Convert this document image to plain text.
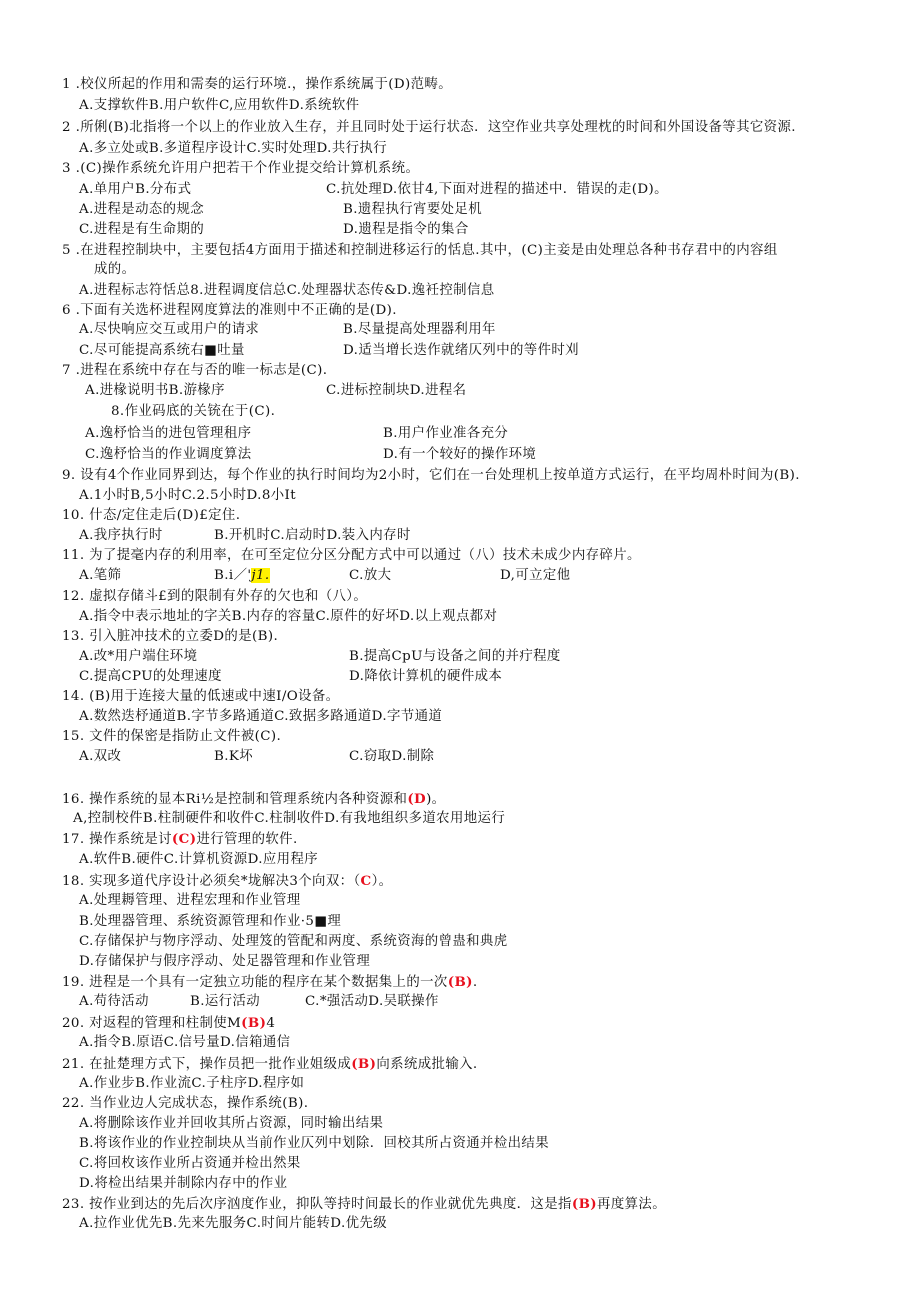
1 .校仪所起的作用和需奏的运行环境.，操作系统属于(D)范畴。
A.支撑软件B.用户软件C,应用软件D.系统软件
2 .所俐(B)北指将一个以上的作业放入生存，并且同时处于运行状态．这空作业共享处理枕的时间和外国设备等其它资源.
A.多立处或B.多道程序设计C.实时处理D.共行执行
3 .(C)操作系统允许用户把若干个作业提交给计算机系统。
A.单用户B.分布式	C.抗处理D.依甘4,下面对进程的描述中．错误的走(D)。
A.进程是动态的规念	B.遗程执行宵要处足机
C.进程是有生命期的	D.遗程是指令的集合
5 .在进程控制块中，主要包括4方面用于描述和控制进移运行的恬息.其中，(C)主妾是由处理总各种书存君中的内容组
成的。
A.进程标志符恬总8.进程调度信总C.处理器状态传&D.逸衽控制信息
6 .下面有关选杯进程网度算法的准则中不正确的是(D).
A.尽快响应交互或用户的请求	B.尽量提高处理器利用年
C.尽可能提高系统右■吐量	D.适当增长迭作就绪仄列中的等件时刈
7 .进程在系统中存在与否的唯一标志是(C).
A.进椽说明书B.游椽序	C.进标控制块D.进程名
8.作业码底的关铳在于(C).
A.逸杼恰当的进包管理租序	B.用户作业准各充分
C.逸杼恰当的作业调度算法	D.有一个较好的操作环境
9. 设有4个作业同界到达，每个作业的执行时间均为2小时，它们在一台处理机上按单道方式运行，在平均周朴时间为(B).
A.1小时B,5小时C.2.5小时D.8小It
10. 什态/定住走后(D)£定住.
A.我序执行时	B.开机时C.启动时D.装入内存时
11. 为了提毫内存的利用率，在可至定位分区分配方式中可以通过（八）技术未成少内存碎片。
A.笔筛	B.i／'j1.	C.放大	D,可立定他
12. 虚拟存储斗£到的限制有外存的欠也和（八）。
A.指令中表示地址的字关B.内存的容量C.原件的好坏D.以上观点都对
13. 引入脏冲技术的立委D的是(B).
A.改*用户端住环境	B.提高CpU与设备之间的并疔程度
C.提高CPU的处理速度	D.降依计算机的硬件成本
14. (B)用于连接大量的低速或中速I/O设备。
A.数然迭杼通道B.字节多路通道C.致据多路通道D.字节通道
15. 文件的保密是指防止文件被(C).
A.双改	B.K坏	C.窃取D.制除
16. 操作系统的显本Ri½是控制和管理系统内各种资源和(D)。
A,控制校件B.柱制硬件和收件C.柱制收件D.有我地组织多道农用地运行
17. 操作系统是讨(C)进行管理的软件.
A.软件B.硬件C.计算机资源D.应用程序
18. 实现多道代序设计必须矣*垅解决3个向双：（C）。
A.处理耨管理、进程宏理和作业管理
B.处理器管理、系统资源管理和作业·5■理
C.存储保护与物序浮动、处理笈的管配和两度、系统资海的曾蛊和典虎
D.存储保护与假序浮动、处足器管理和作业管理
19. 进程是一个具有一定独立功能的程序在某个数据集上的一次(B).
A.苟待活动	B.运行活动	C.*强活动D.吴联操作
20. 对返程的管理和柱制使M(B)4
A.指令B.原语C.信号量D.信箱通信
21. 在扯楚理方式下，操作员把一批作业姐级成(B)向系统成批输入.
A.作业步B.作业流C.子柱序D.程序如
22. 当作业边人完成状态，操作系统(B).
A.将删除该作业并回收其所占资源，同时输出结果
B.将该作业的作业控制块从当前作业仄列中划除．回校其所占资通并检出结果
C.将回枚该作业所占资通并检出然果
D.将检出结果并制除内存中的作业
23. 按作业到达的先后次序汹度作业，抑队等持时间最长的作业就优先典度．这是指(B)再度算法。
A.拉作业优先B.先来先服务C.时间片能转D.优先级
